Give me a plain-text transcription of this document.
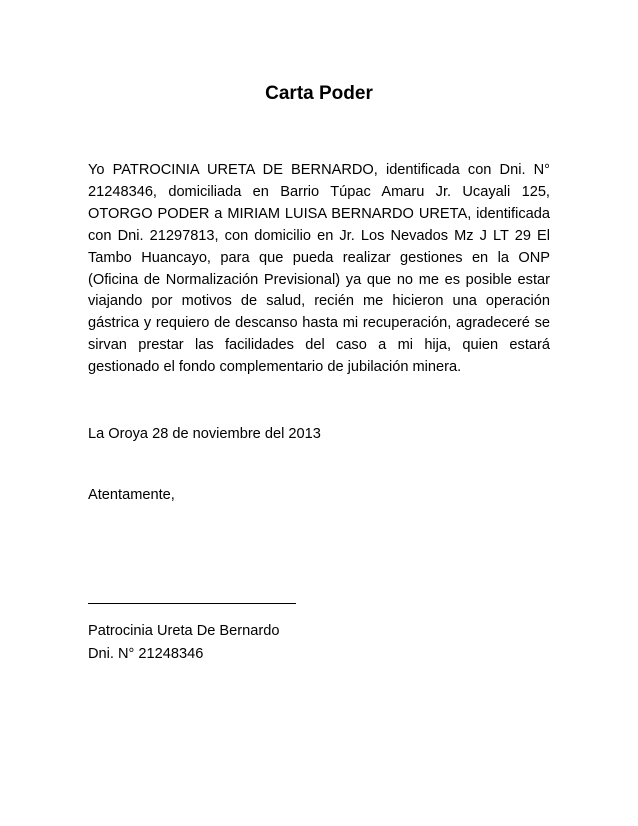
Carta Poder

Yo PATROCINIA URETA DE BERNARDO, identificada con Dni. N° 21248346, domiciliada en Barrio Túpac Amaru Jr. Ucayali 125, OTORGO PODER a MIRIAM LUISA BERNARDO URETA, identificada con Dni. 21297813, con domicilio en Jr. Los Nevados Mz J LT 29 El Tambo Huancayo, para que pueda realizar gestiones en la ONP (Oficina de Normalización Previsional) ya que no me es posible estar viajando por motivos de salud, recién me hicieron una operación gástrica y requiero de descanso hasta mi recuperación, agradeceré se sirvan prestar las facilidades del caso a mi hija, quien estará gestionado el fondo complementario de jubilación minera.

La Oroya 28 de noviembre del 2013
Atentamente,
Patrocinia Ureta De Bernardo
Dni. N° 21248346
